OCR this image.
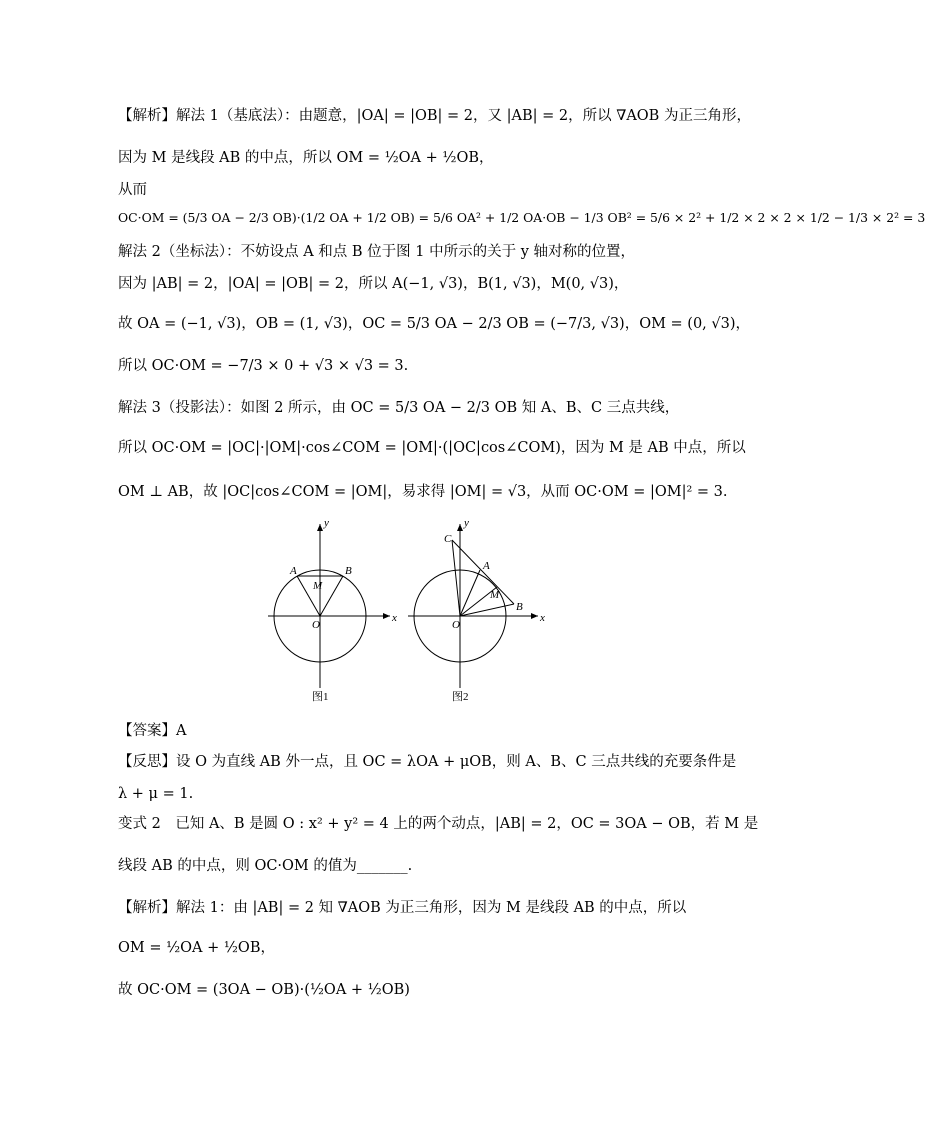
【解析】解法 1（基底法）：由题意，|OA| = |OB| = 2，又 |AB| = 2，所以 ∇AOB 为正三角形，
因为 M 是线段 AB 的中点，所以 OM = ½OA + ½OB，
从而
OC·OM = (5/3 OA − 2/3 OB)·(1/2 OA + 1/2 OB) = 5/6 OA² + 1/2 OA·OB − 1/3 OB² = 5/6 × 2² + 1/2 × 2 × 2 × 1/2 − 1/3 × 2² = 3
解法 2（坐标法）：不妨设点 A 和点 B 位于图 1 中所示的关于 y 轴对称的位置，
因为 |AB| = 2，|OA| = |OB| = 2，所以 A(−1, √3)，B(1, √3)，M(0, √3)，
故 OA = (−1, √3)，OB = (1, √3)，OC = 5/3 OA − 2/3 OB = (−7/3, √3)，OM = (0, √3)，
所以 OC·OM = −7/3 × 0 + √3 × √3 = 3.
解法 3（投影法）：如图 2 所示，由 OC = 5/3 OA − 2/3 OB 知 A、B、C 三点共线，
所以 OC·OM = |OC|·|OM|·cos∠COM = |OM|·(|OC|cos∠COM)，因为 M 是 AB 中点，所以
OM ⊥ AB，故 |OC|cos∠COM = |OM|，易求得 |OM| = √3，从而 OC·OM = |OM|² = 3.
x
y
O
A	B
M
x
y
O
C
A
B
M
图1	图2
【答案】A
【反思】设 O 为直线 AB 外一点，且 OC = λOA + μOB，则 A、B、C 三点共线的充要条件是
λ + μ = 1.
变式 2　已知 A、B 是圆 O : x² + y² = 4 上的两个动点，|AB| = 2，OC = 3OA − OB，若 M 是
线段 AB 的中点，则 OC·OM 的值为_______.
【解析】解法 1：由 |AB| = 2 知 ∇AOB 为正三角形，因为 M 是线段 AB 的中点，所以
OM = ½OA + ½OB，
故 OC·OM = (3OA − OB)·(½OA + ½OB)
